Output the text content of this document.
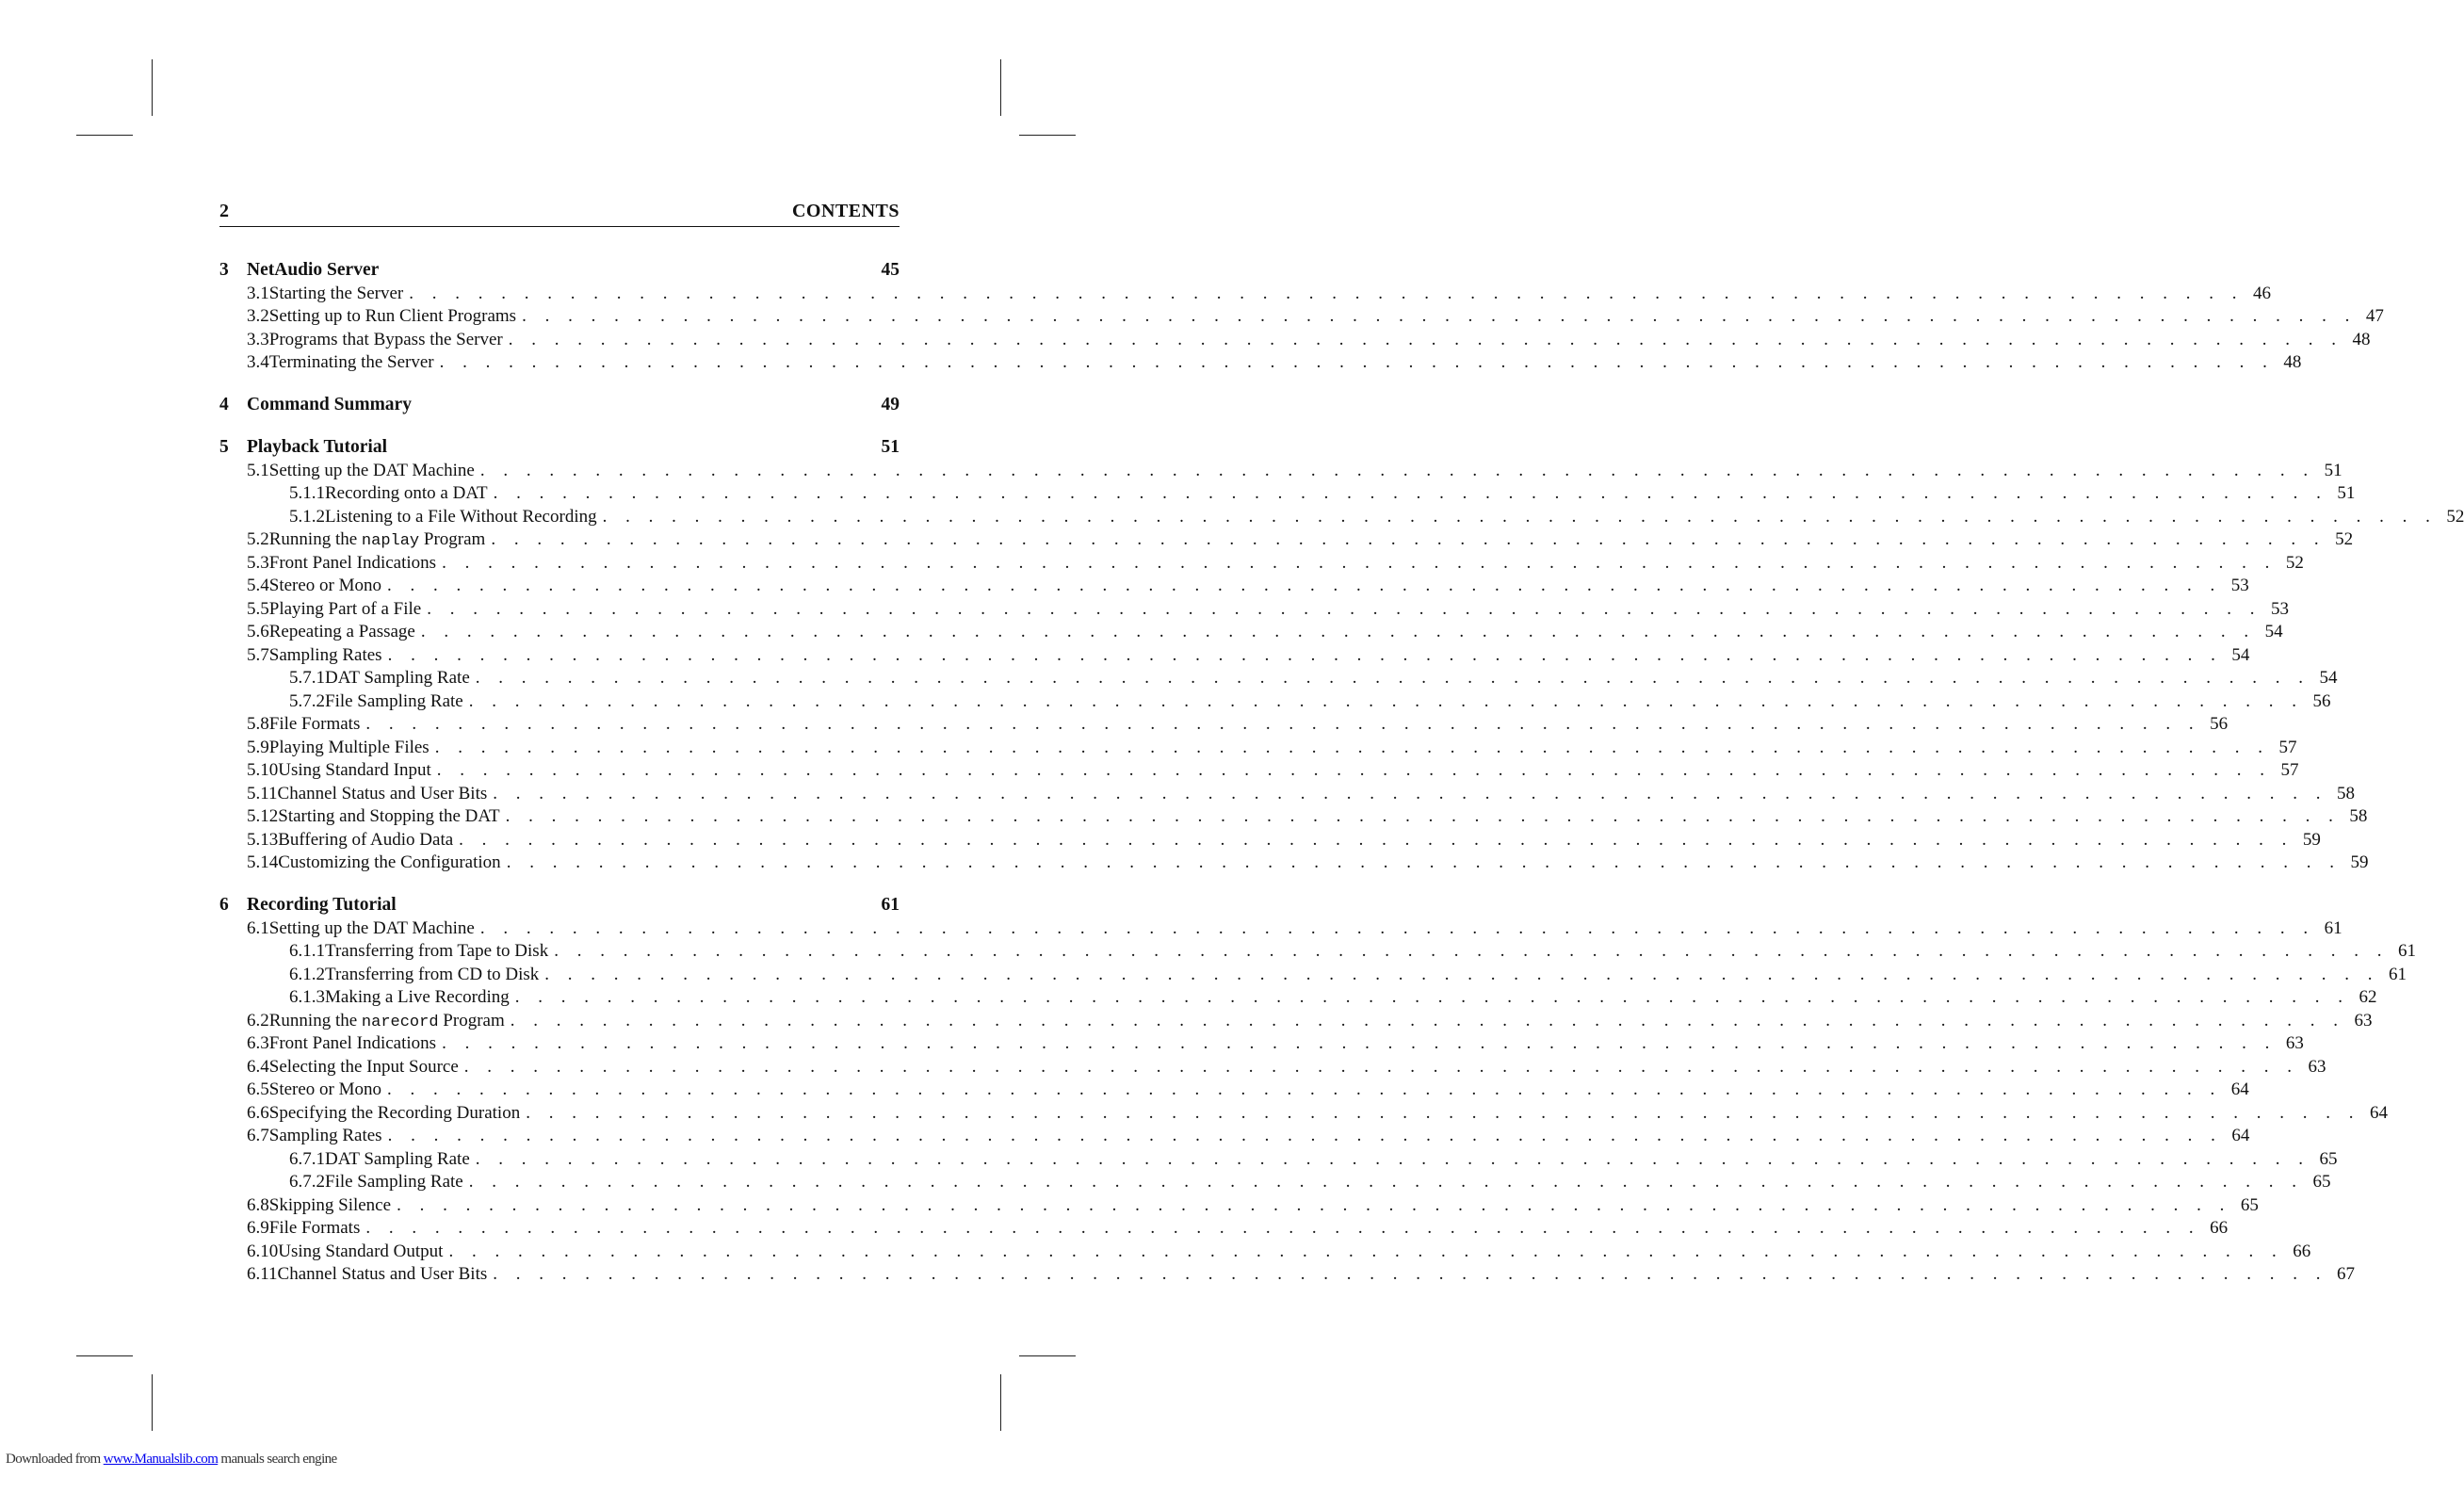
2	CONTENTS
3 NetAudio Server	45
3.1 Starting the Server . . . . . . . . . . . . . . . . . . . . . . . . . . . . . . . . . . . . . . . . . . . . . . . . . . . . . . . . . . . . . . . . . . . . . . . . . . . . . . . . 46
3.2 Setting up to Run Client Programs . . . . . . . . . . . . . . . . . . . . . . . . . . . . . . . . . . . . . . . . . . . . . . . . . . . . . . . . . . . . . . . . . . . . . . . . . . . . . . . . 47
3.3 Programs that Bypass the Server . . . . . . . . . . . . . . . . . . . . . . . . . . . . . . . . . . . . . . . . . . . . . . . . . . . . . . . . . . . . . . . . . . . . . . . . . . . . . . . . 48
3.4 Terminating the Server . . . . . . . . . . . . . . . . . . . . . . . . . . . . . . . . . . . . . . . . . . . . . . . . . . . . . . . . . . . . . . . . . . . . . . . . . . . . . . . . 48
4 Command Summary	49
5 Playback Tutorial	51
5.1 Setting up the DAT Machine . . . . . . . . . . . . . . . . . . . . . . . . . . . . . . . . . . . . . . . . . . . . . . . . . . . . . . . . . . . . . . . . . . . . . . . . . . . . . . . . 51
5.1.1 Recording onto a DAT . . . . . . . . . . . . . . . . . . . . . . . . . . . . . . . . . . . . . . . . . . . . . . . . . . . . . . . . . . . . . . . . . . . . . . . . . . . . . . . . 51
5.1.2 Listening to a File Without Recording . . . . . . . . . . . . . . . . . . . . . . . . . . . . . . . . . . . . . . . . . . . . . . . . . . . . . . . . . . . . . . . . . . . . . . . . . . . . . . . . 52
5.2 Running the naplay Program . . . . . . . . . . . . . . . . . . . . . . . . . . . . . . . . . . . . . . . . . . . . . . . . . . . . . . . . . . . . . . . . . . . . . . . . . . . . . . . . 52
5.3 Front Panel Indications . . . . . . . . . . . . . . . . . . . . . . . . . . . . . . . . . . . . . . . . . . . . . . . . . . . . . . . . . . . . . . . . . . . . . . . . . . . . . . . . 52
5.4 Stereo or Mono . . . . . . . . . . . . . . . . . . . . . . . . . . . . . . . . . . . . . . . . . . . . . . . . . . . . . . . . . . . . . . . . . . . . . . . . . . . . . . . . 53
5.5 Playing Part of a File . . . . . . . . . . . . . . . . . . . . . . . . . . . . . . . . . . . . . . . . . . . . . . . . . . . . . . . . . . . . . . . . . . . . . . . . . . . . . . . . 53
5.6 Repeating a Passage . . . . . . . . . . . . . . . . . . . . . . . . . . . . . . . . . . . . . . . . . . . . . . . . . . . . . . . . . . . . . . . . . . . . . . . . . . . . . . . . 54
5.7 Sampling Rates . . . . . . . . . . . . . . . . . . . . . . . . . . . . . . . . . . . . . . . . . . . . . . . . . . . . . . . . . . . . . . . . . . . . . . . . . . . . . . . . 54
5.7.1 DAT Sampling Rate . . . . . . . . . . . . . . . . . . . . . . . . . . . . . . . . . . . . . . . . . . . . . . . . . . . . . . . . . . . . . . . . . . . . . . . . . . . . . . . . 54
5.7.2 File Sampling Rate . . . . . . . . . . . . . . . . . . . . . . . . . . . . . . . . . . . . . . . . . . . . . . . . . . . . . . . . . . . . . . . . . . . . . . . . . . . . . . . . 56
5.8 File Formats . . . . . . . . . . . . . . . . . . . . . . . . . . . . . . . . . . . . . . . . . . . . . . . . . . . . . . . . . . . . . . . . . . . . . . . . . . . . . . . . 56
5.9 Playing Multiple Files . . . . . . . . . . . . . . . . . . . . . . . . . . . . . . . . . . . . . . . . . . . . . . . . . . . . . . . . . . . . . . . . . . . . . . . . . . . . . . . . 57
5.10 Using Standard Input . . . . . . . . . . . . . . . . . . . . . . . . . . . . . . . . . . . . . . . . . . . . . . . . . . . . . . . . . . . . . . . . . . . . . . . . . . . . . . . . 57
5.11 Channel Status and User Bits . . . . . . . . . . . . . . . . . . . . . . . . . . . . . . . . . . . . . . . . . . . . . . . . . . . . . . . . . . . . . . . . . . . . . . . . . . . . . . . . 58
5.12 Starting and Stopping the DAT . . . . . . . . . . . . . . . . . . . . . . . . . . . . . . . . . . . . . . . . . . . . . . . . . . . . . . . . . . . . . . . . . . . . . . . . . . . . . . . . 58
5.13 Buffering of Audio Data . . . . . . . . . . . . . . . . . . . . . . . . . . . . . . . . . . . . . . . . . . . . . . . . . . . . . . . . . . . . . . . . . . . . . . . . . . . . . . . . 59
5.14 Customizing the Configuration . . . . . . . . . . . . . . . . . . . . . . . . . . . . . . . . . . . . . . . . . . . . . . . . . . . . . . . . . . . . . . . . . . . . . . . . . . . . . . . . 59
6 Recording Tutorial	61
6.1 Setting up the DAT Machine . . . . . . . . . . . . . . . . . . . . . . . . . . . . . . . . . . . . . . . . . . . . . . . . . . . . . . . . . . . . . . . . . . . . . . . . . . . . . . . . 61
6.1.1 Transferring from Tape to Disk . . . . . . . . . . . . . . . . . . . . . . . . . . . . . . . . . . . . . . . . . . . . . . . . . . . . . . . . . . . . . . . . . . . . . . . . . . . . . . . . 61
6.1.2 Transferring from CD to Disk . . . . . . . . . . . . . . . . . . . . . . . . . . . . . . . . . . . . . . . . . . . . . . . . . . . . . . . . . . . . . . . . . . . . . . . . . . . . . . . . 61
6.1.3 Making a Live Recording . . . . . . . . . . . . . . . . . . . . . . . . . . . . . . . . . . . . . . . . . . . . . . . . . . . . . . . . . . . . . . . . . . . . . . . . . . . . . . . . 62
6.2 Running the narecord Program . . . . . . . . . . . . . . . . . . . . . . . . . . . . . . . . . . . . . . . . . . . . . . . . . . . . . . . . . . . . . . . . . . . . . . . . . . . . . . . . 63
6.3 Front Panel Indications . . . . . . . . . . . . . . . . . . . . . . . . . . . . . . . . . . . . . . . . . . . . . . . . . . . . . . . . . . . . . . . . . . . . . . . . . . . . . . . . 63
6.4 Selecting the Input Source . . . . . . . . . . . . . . . . . . . . . . . . . . . . . . . . . . . . . . . . . . . . . . . . . . . . . . . . . . . . . . . . . . . . . . . . . . . . . . . . 63
6.5 Stereo or Mono . . . . . . . . . . . . . . . . . . . . . . . . . . . . . . . . . . . . . . . . . . . . . . . . . . . . . . . . . . . . . . . . . . . . . . . . . . . . . . . . 64
6.6 Specifying the Recording Duration . . . . . . . . . . . . . . . . . . . . . . . . . . . . . . . . . . . . . . . . . . . . . . . . . . . . . . . . . . . . . . . . . . . . . . . . . . . . . . . . 64
6.7 Sampling Rates . . . . . . . . . . . . . . . . . . . . . . . . . . . . . . . . . . . . . . . . . . . . . . . . . . . . . . . . . . . . . . . . . . . . . . . . . . . . . . . . 64
6.7.1 DAT Sampling Rate . . . . . . . . . . . . . . . . . . . . . . . . . . . . . . . . . . . . . . . . . . . . . . . . . . . . . . . . . . . . . . . . . . . . . . . . . . . . . . . . 65
6.7.2 File Sampling Rate . . . . . . . . . . . . . . . . . . . . . . . . . . . . . . . . . . . . . . . . . . . . . . . . . . . . . . . . . . . . . . . . . . . . . . . . . . . . . . . . 65
6.8 Skipping Silence . . . . . . . . . . . . . . . . . . . . . . . . . . . . . . . . . . . . . . . . . . . . . . . . . . . . . . . . . . . . . . . . . . . . . . . . . . . . . . . . 65
6.9 File Formats . . . . . . . . . . . . . . . . . . . . . . . . . . . . . . . . . . . . . . . . . . . . . . . . . . . . . . . . . . . . . . . . . . . . . . . . . . . . . . . . 66
6.10 Using Standard Output . . . . . . . . . . . . . . . . . . . . . . . . . . . . . . . . . . . . . . . . . . . . . . . . . . . . . . . . . . . . . . . . . . . . . . . . . . . . . . . . 66
6.11 Channel Status and User Bits . . . . . . . . . . . . . . . . . . . . . . . . . . . . . . . . . . . . . . . . . . . . . . . . . . . . . . . . . . . . . . . . . . . . . . . . . . . . . . . . 67
Downloaded from www.Manualslib.com manuals search engine
